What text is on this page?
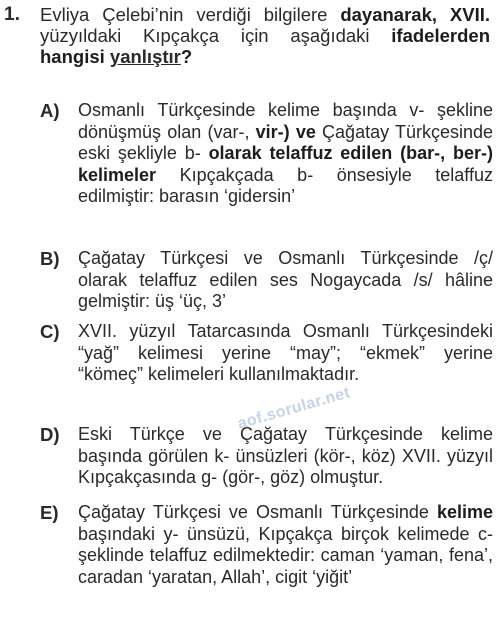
1. Evliya Çelebi’nin verdiği bilgilere dayanarak, XVII. yüzyıldaki Kıpçakça için aşağıdaki ifadelerden hangisi yanlıştır?
A) Osmanlı Türkçesinde kelime başında v- şekline dönüşmüş olan (var-, vir-) ve Çağatay Türkçesinde eski şekliyle b- olarak telaffuz edilen (bar-, ber-) kelimeler Kıpçakçada b- önsesiyle telaffuz edilmiştir: barasın ‘gidersin’
B) Çağatay Türkçesi ve Osmanlı Türkçesinde /ç/ olarak telaffuz edilen ses Nogaycada /s/ hâline gelmiştir: üş ‘üç, 3’
C) XVII. yüzyıl Tatarcasında Osmanlı Türkçesindeki “yağ” kelimesi yerine “may”; “ekmek” yerine “kömeç” kelimeleri kullanılmaktadır.
D) Eski Türkçe ve Çağatay Türkçesinde kelime başında görülen k- ünsüzleri (kör-, köz) XVII. yüzyıl Kıpçakçasında g- (gör-, göz) olmuştur.
E) Çağatay Türkçesi ve Osmanlı Türkçesinde kelime başındaki y- ünsüzü, Kıpçakça birçok kelimede c- şeklinde telaffuz edilmektedir: caman ‘yaman, fena’, caradan ‘yaratan, Allah’, cigit ‘yiğit’
aof.sorular.net
